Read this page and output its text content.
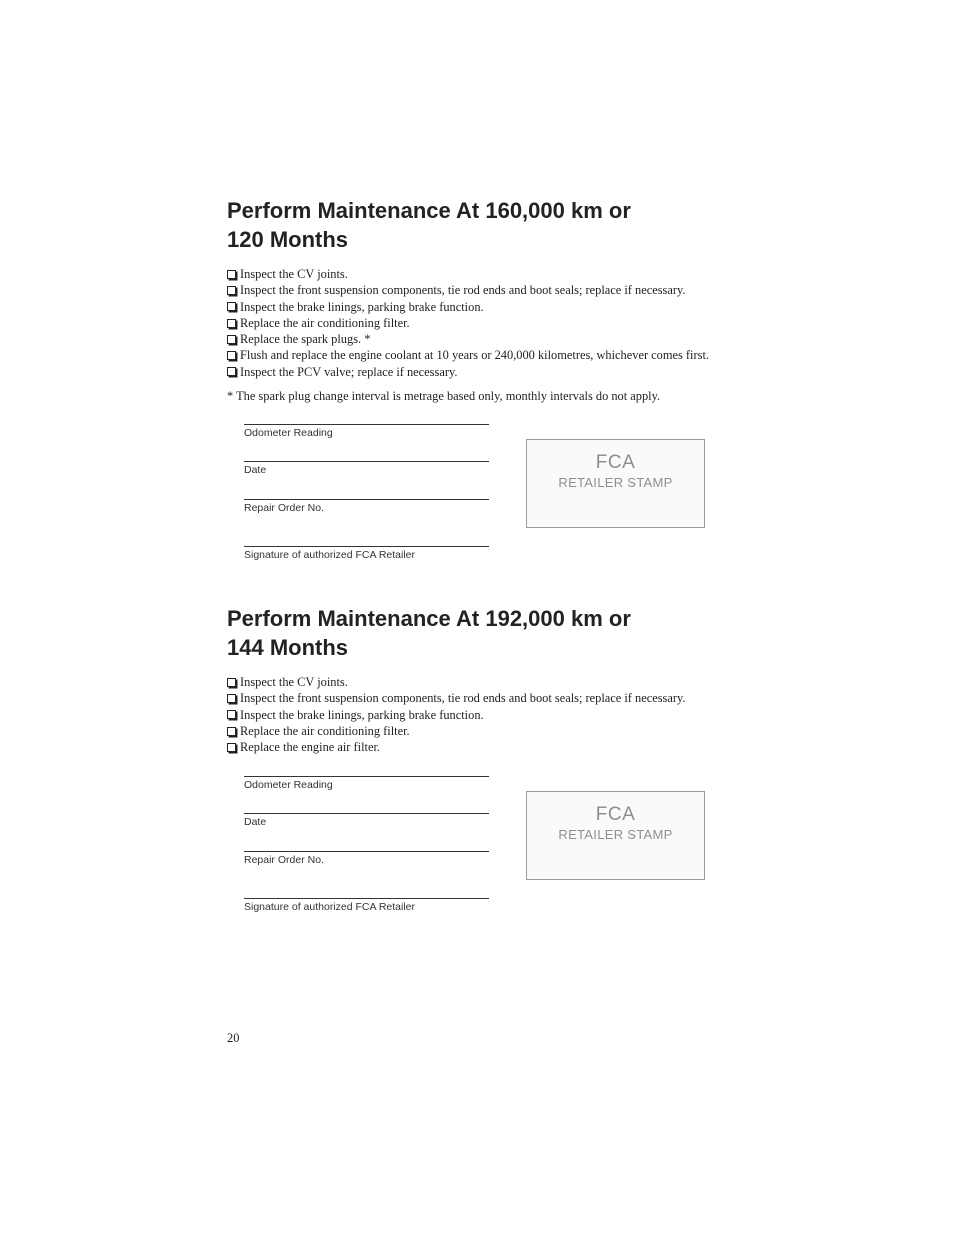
Perform Maintenance At 160,000 km or
120 Months
Inspect the CV joints.
Inspect the front suspension components, tie rod ends and boot seals; replace if necessary.
Inspect the brake linings, parking brake function.
Replace the air conditioning filter.
Replace the spark plugs. *
Flush and replace the engine coolant at 10 years or 240,000 kilometres, whichever comes first.
Inspect the PCV valve; replace if necessary.

* The spark plug change interval is metrage based only, monthly intervals do not apply.

Odometer Reading
Date
Repair Order No.
Signature of authorized FCA Retailer
FCA
RETAILER STAMP
Perform Maintenance At 192,000 km or
144 Months
Inspect the CV joints.
Inspect the front suspension components, tie rod ends and boot seals; replace if necessary.
Inspect the brake linings, parking brake function.
Replace the air conditioning filter.
Replace the engine air filter.
Odometer Reading
Date
Repair Order No.
Signature of authorized FCA Retailer
FCA
RETAILER STAMP
20
